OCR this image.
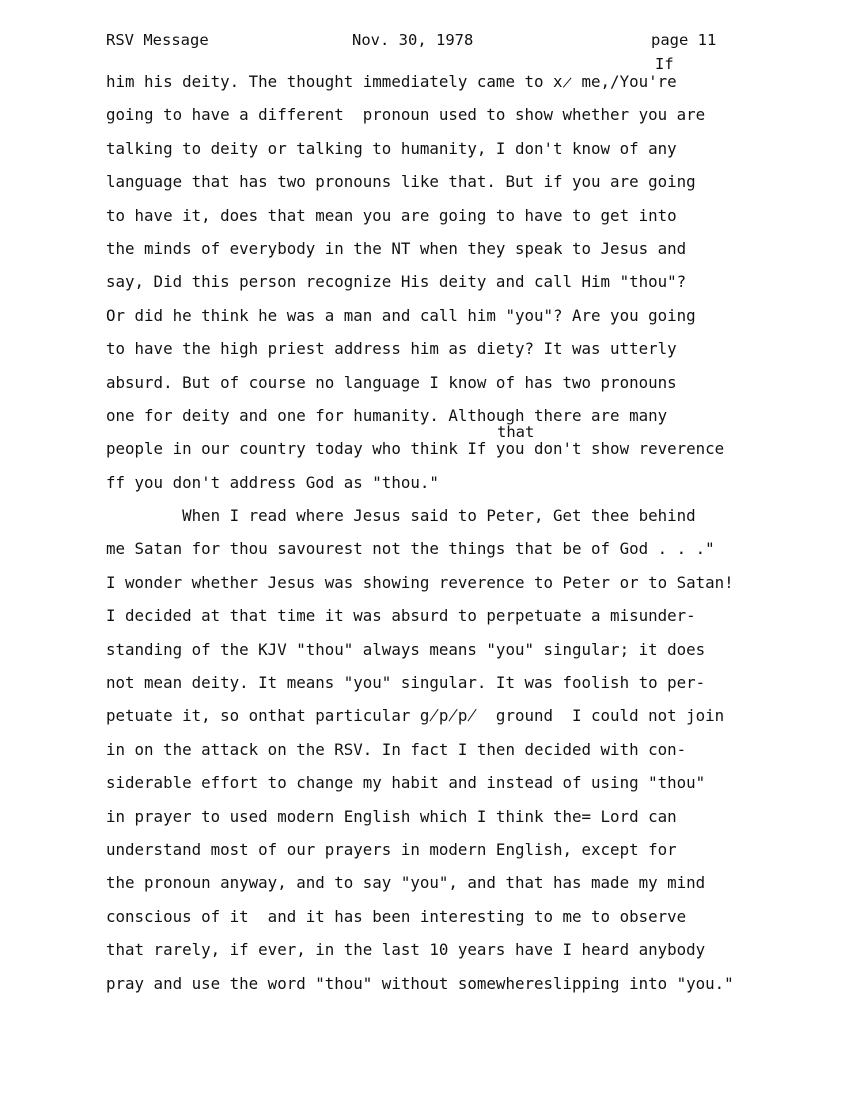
RSV Message	Nov. 30, 1978	page 11
If
that
him his deity. The thought immediately came to x̷ me,/You're
going to have a different  pronoun used to show whether you are
talking to deity or talking to humanity, I don't know of any
language that has two pronouns like that. But if you are going
to have it, does that mean you are going to have to get into
the minds of everybody in the NT when they speak to Jesus and
say, Did this person recognize His deity and call Him "thou"?
Or did he think he was a man and call him "you"? Are you going
to have the high priest address him as diety? It was utterly
absurd. But of course no language I know of has two pronouns
one for deity and one for humanity. Although there are many
people in our country today who think If you don't show reverence
ff you don't address God as "thou."
When I read where Jesus said to Peter, Get thee behind
me Satan for thou savourest not the things that be of God . . ."
I wonder whether Jesus was showing reverence to Peter or to Satan!
I decided at that time it was absurd to perpetuate a misunder-
standing of the KJV "thou" always means "you" singular; it does
not mean deity. It means "you" singular. It was foolish to per-
petuate it, so onthat particular g̸p̸p̸  ground  I could not join
in on the attack on the RSV. In fact I then decided with con-
siderable effort to change my habit and instead of using "thou"
in prayer to used modern English which I think the= Lord can
understand most of our prayers in modern English, except for
the pronoun anyway, and to say "you", and that has made my mind
conscious of it  and it has been interesting to me to observe
that rarely, if ever, in the last 10 years have I heard anybody
pray and use the word "thou" without somewhereslipping into "you."
